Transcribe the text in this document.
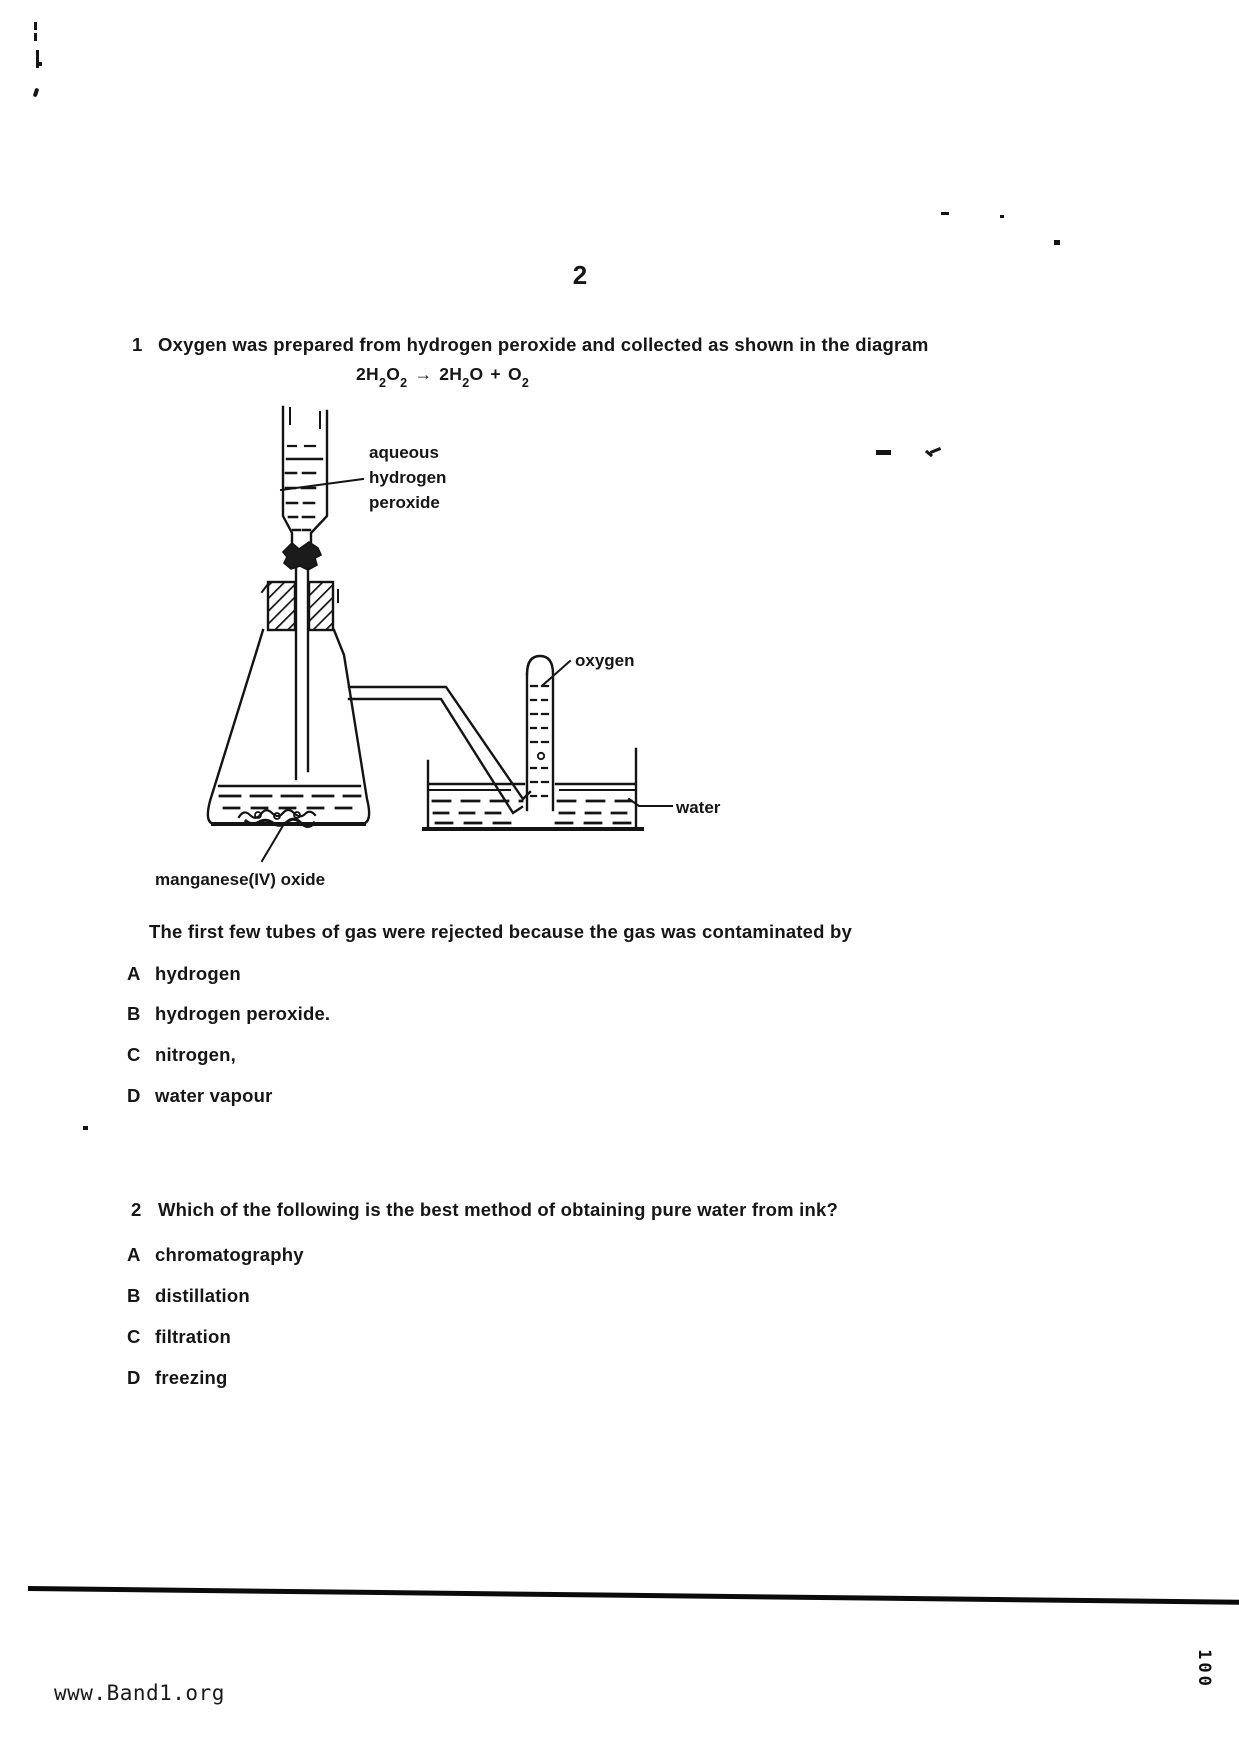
2
1 Oxygen was prepared from hydrogen peroxide and collected as shown in the diagram
$2H_2O_2 \to 2H_2O + O_2$
aqueous
hydrogen
peroxide
oxygen
water
manganese(IV) oxide
The first few tubes of gas were rejected because the gas was contaminated by
A hydrogen
B hydrogen peroxide.
C nitrogen,
D water vapour
2 Which of the following is the best method of obtaining pure water from ink?
A chromatography
B distillation
C filtration
D freezing
www.Band1.org
100
